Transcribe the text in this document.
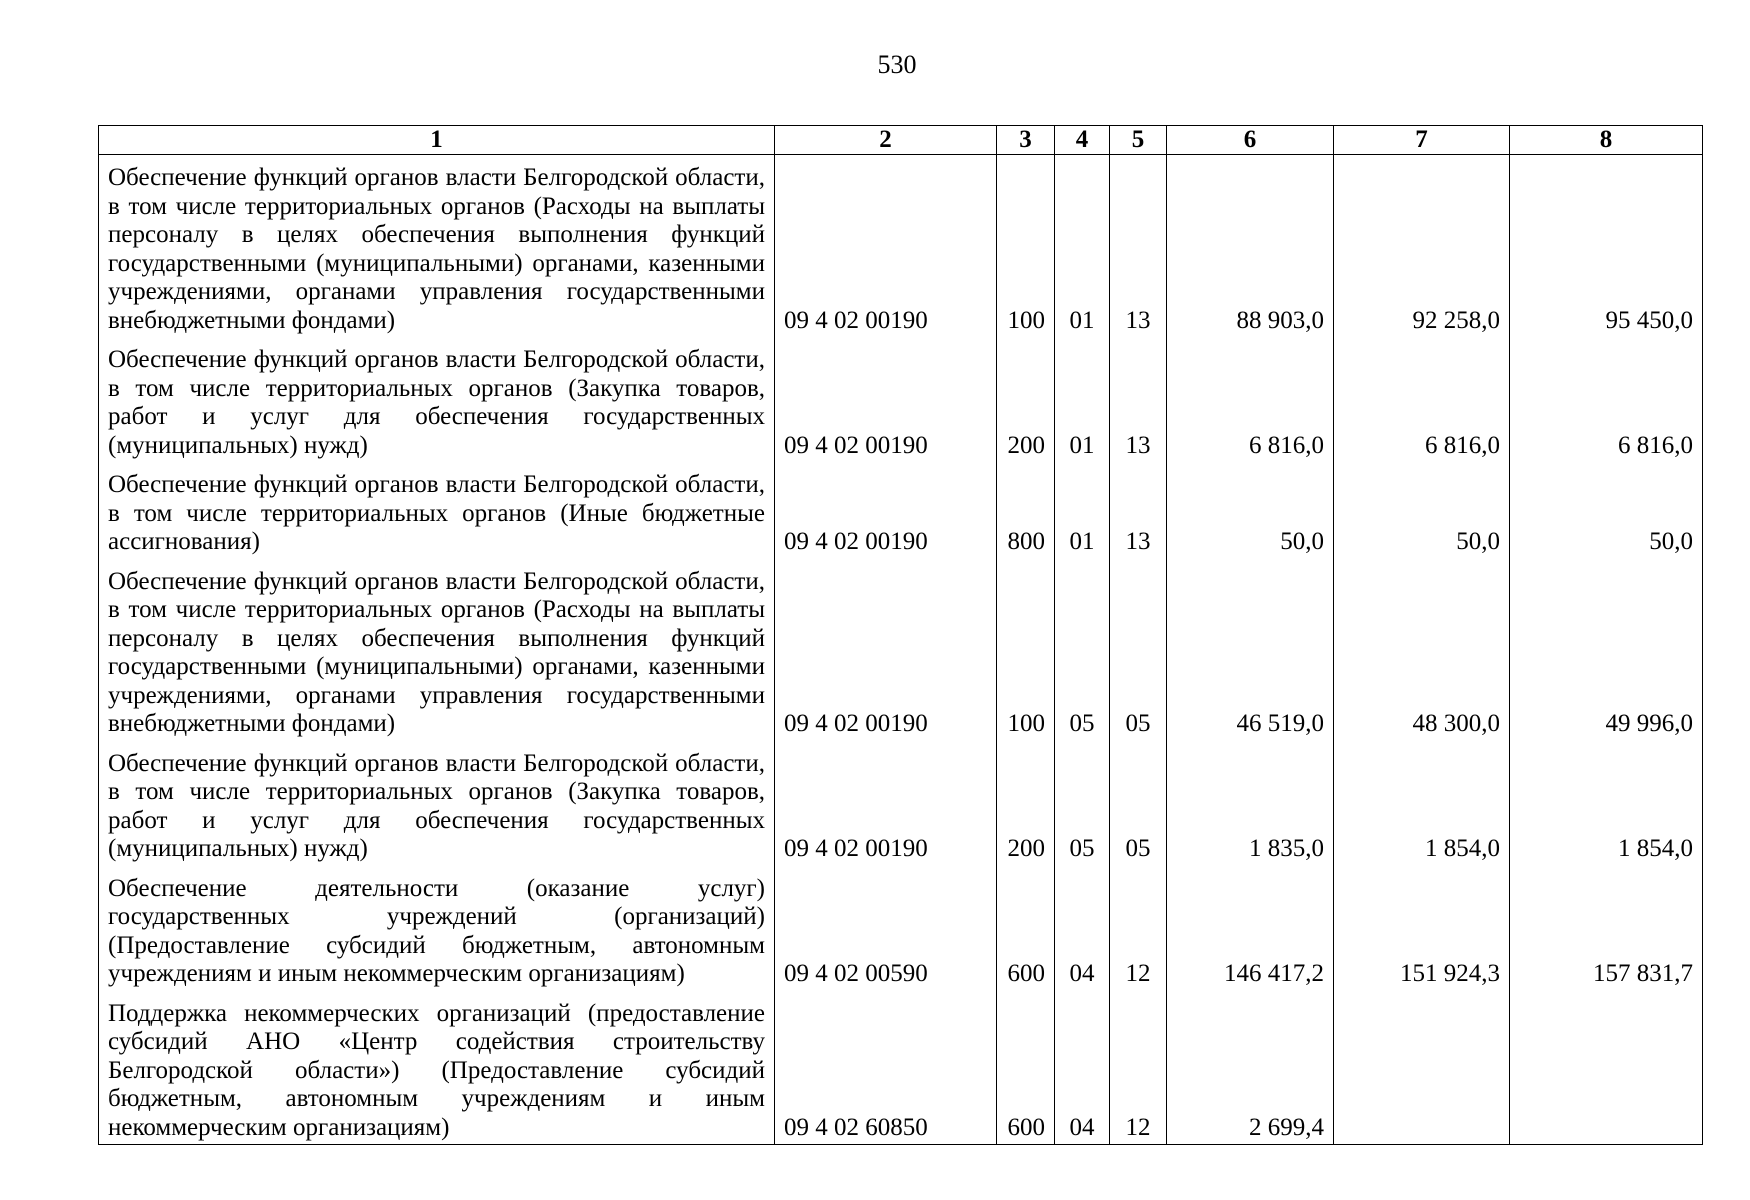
530
1	2	3	4	5	6	7	8
Обеспечение функций органов власти Белгородской области, в том числе территориальных органов (Расходы на выплаты персоналу в целях обеспечения выполнения функций государственными (муниципальными) органами, казенными учреждениями, органами управления государственными внебюджетными фондами)	09 4 02 00190	100	01	13	88 903,0	92 258,0	95 450,0
Обеспечение функций органов власти Белгородской области, в том числе территориальных органов (Закупка товаров, работ и услуг для обеспечения государственных (муниципальных) нужд)	09 4 02 00190	200	01	13	6 816,0	6 816,0	6 816,0
Обеспечение функций органов власти Белгородской области, в том числе территориальных органов (Иные бюджетные ассигнования)	09 4 02 00190	800	01	13	50,0	50,0	50,0
Обеспечение функций органов власти Белгородской области, в том числе территориальных органов (Расходы на выплаты персоналу в целях обеспечения выполнения функций государственными (муниципальными) органами, казенными учреждениями, органами управления государственными внебюджетными фондами)	09 4 02 00190	100	05	05	46 519,0	48 300,0	49 996,0
Обеспечение функций органов власти Белгородской области, в том числе территориальных органов (Закупка товаров, работ и услуг для обеспечения государственных (муниципальных) нужд)	09 4 02 00190	200	05	05	1 835,0	1 854,0	1 854,0
Обеспечение деятельности (оказание услуг) государственных учреждений (организаций) (Предоставление субсидий бюджетным, автономным учреждениям и иным некоммерческим организациям)	09 4 02 00590	600	04	12	146 417,2	151 924,3	157 831,7
Поддержка некоммерческих организаций (предоставление субсидий АНО «Центр содействия строительству Белгородской области») (Предоставление субсидий бюджетным, автономным учреждениям и иным некоммерческим организациям)	09 4 02 60850	600	04	12	2 699,4		
